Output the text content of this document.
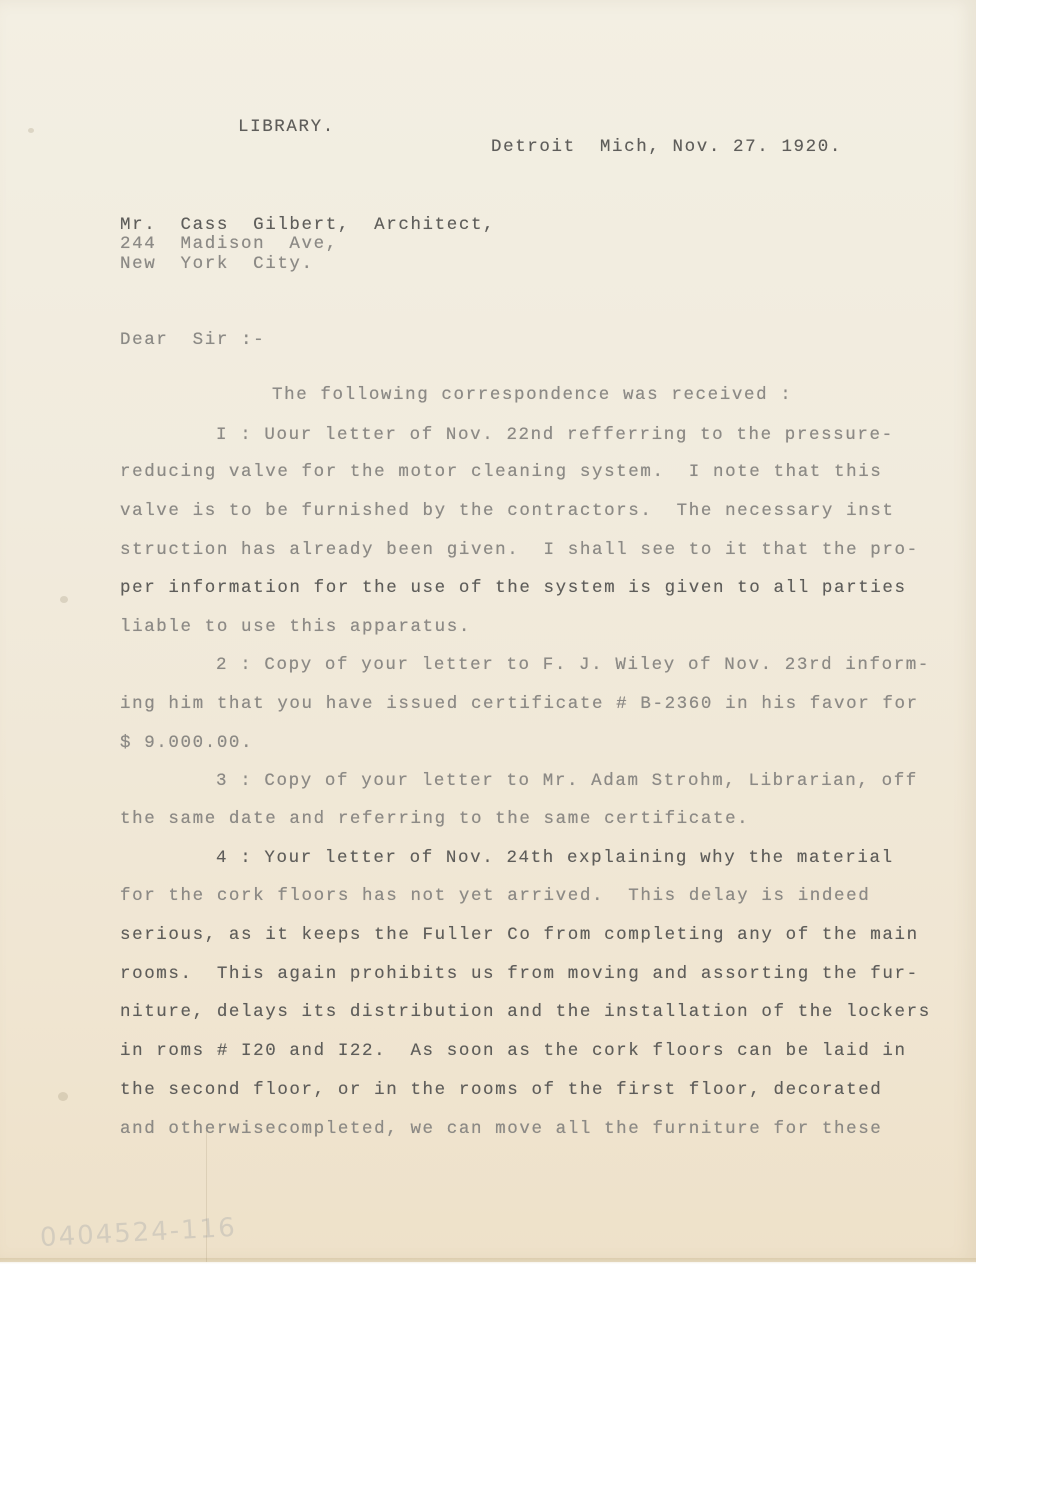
LIBRARY.
Detroit  Mich, Nov. 27. 1920.
Mr.  Cass  Gilbert,  Architect,
244  Madison  Ave,
New  York  City.
Dear  Sir :-
The following correspondence was received :
I : Uour letter of Nov. 22nd refferring to the pressure-
reducing valve for the motor cleaning system.  I note that this
valve is to be furnished by the contractors.  The necessary inst
struction has already been given.  I shall see to it that the pro-
per information for the use of the system is given to all parties
liable to use this apparatus.
2 : Copy of your letter to F. J. Wiley of Nov. 23rd inform-
ing him that you have issued certificate # B-2360 in his favor for
$ 9.000.00.
3 : Copy of your letter to Mr. Adam Strohm, Librarian, off
the same date and referring to the same certificate.
4 : Your letter of Nov. 24th explaining why the material
for the cork floors has not yet arrived.  This delay is indeed
serious, as it keeps the Fuller Co from completing any of the main
rooms.  This again prohibits us from moving and assorting the fur-
niture, delays its distribution and the installation of the lockers
in roms # I20 and I22.  As soon as the cork floors can be laid in
the second floor, or in the rooms of the first floor, decorated
and otherwisecompleted, we can move all the furniture for these
0404524-116
